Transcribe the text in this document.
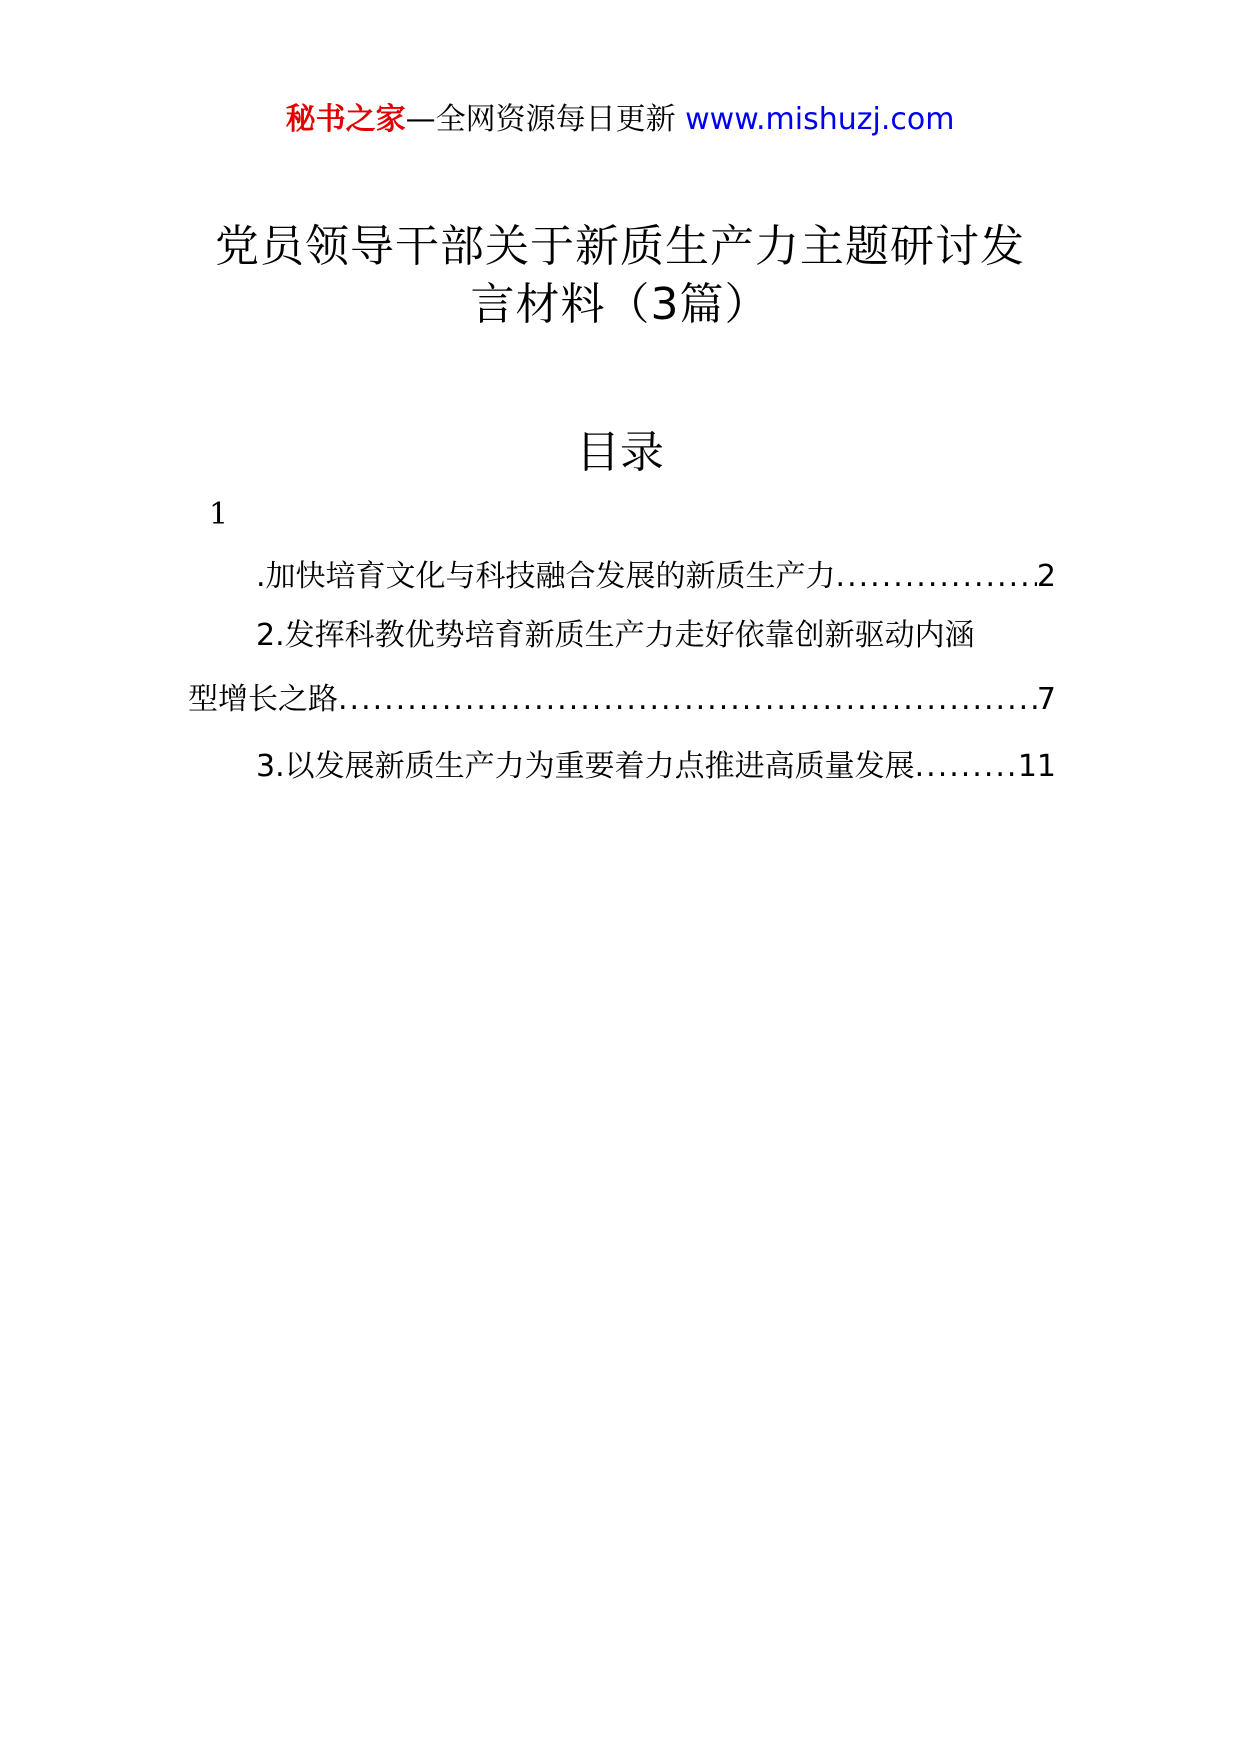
秘书之家—全网资源每日更新 www.mishuzj.com
党员领导干部关于新质生产力主题研讨发
言材料（3篇）
目录
1
.加快培育文化与科技融合发展的新质生产力 .....	2
2.发挥科教优势培育新质生产力走好依靠创新驱动内涵
型增长之路 .....	7
3.以发展新质生产力为重要着力点推进高质量发展 .....	11
